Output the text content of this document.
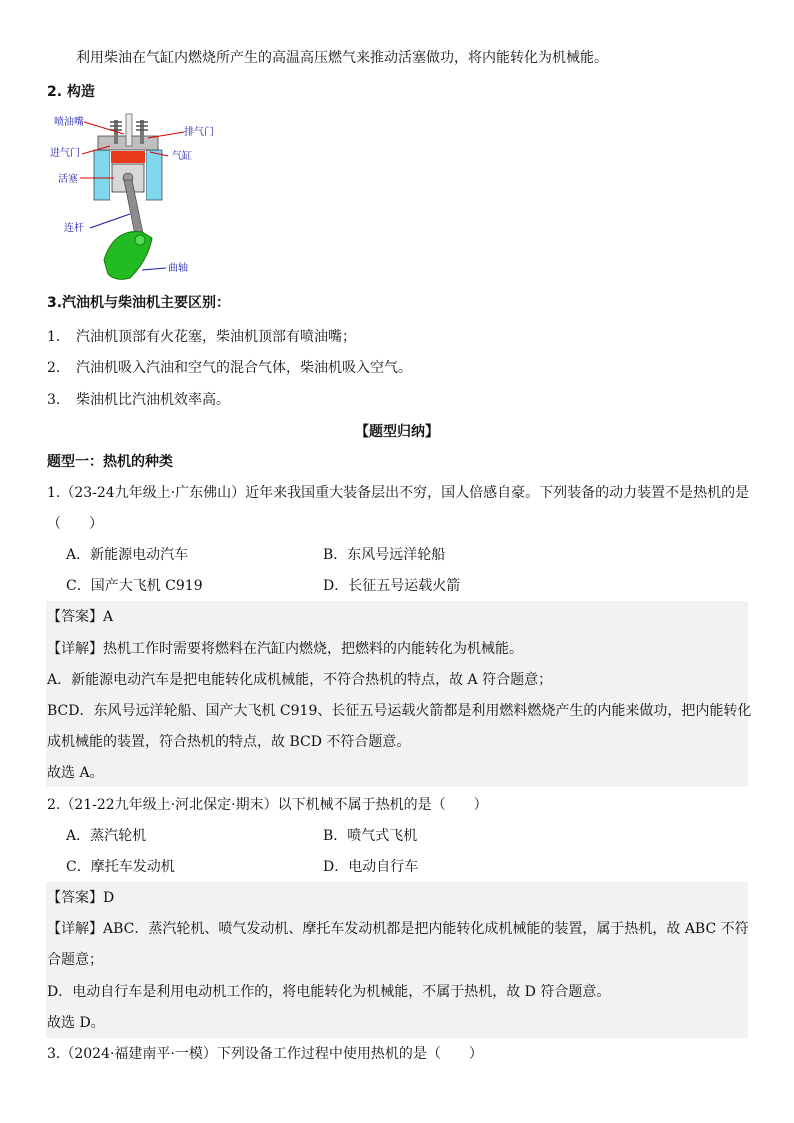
利用柴油在气缸内燃烧所产生的高温高压燃气来推动活塞做功，将内能转化为机械能。
2. 构造
喷油嘴
排气门
进气门	气缸
活塞
连杆
曲轴
3.汽油机与柴油机主要区别：
1. 汽油机顶部有火花塞，柴油机顶部有喷油嘴；
2. 汽油机吸入汽油和空气的混合气体，柴油机吸入空气。
3. 柴油机比汽油机效率高。
【题型归纳】
题型一：热机的种类
1.（23-24九年级上·广东佛山）近年来我国重大装备层出不穷，国人倍感自豪。下列装备的动力装置不是热机的是
（　　）
A．新能源电动汽车	B．东风号远洋轮船
C．国产大飞机 C919	D．长征五号运载火箭
【答案】A
【详解】热机工作时需要将燃料在汽缸内燃烧，把燃料的内能转化为机械能。
A．新能源电动汽车是把电能转化成机械能，不符合热机的特点，故 A 符合题意；
BCD．东风号远洋轮船、国产大飞机 C919、长征五号运载火箭都是利用燃料燃烧产生的内能来做功，把内能转化
成机械能的装置，符合热机的特点，故 BCD 不符合题意。
故选 A。
2.（21-22九年级上·河北保定·期末）以下机械不属于热机的是（　　）
A．蒸汽轮机	B．喷气式飞机
C．摩托车发动机	D．电动自行车
【答案】D
【详解】ABC．蒸汽轮机、喷气发动机、摩托车发动机都是把内能转化成机械能的装置，属于热机，故 ABC 不符
合题意；
D．电动自行车是利用电动机工作的，将电能转化为机械能，不属于热机，故 D 符合题意。
故选 D。
3.（2024·福建南平·一模）下列设备工作过程中使用热机的是（　　）
